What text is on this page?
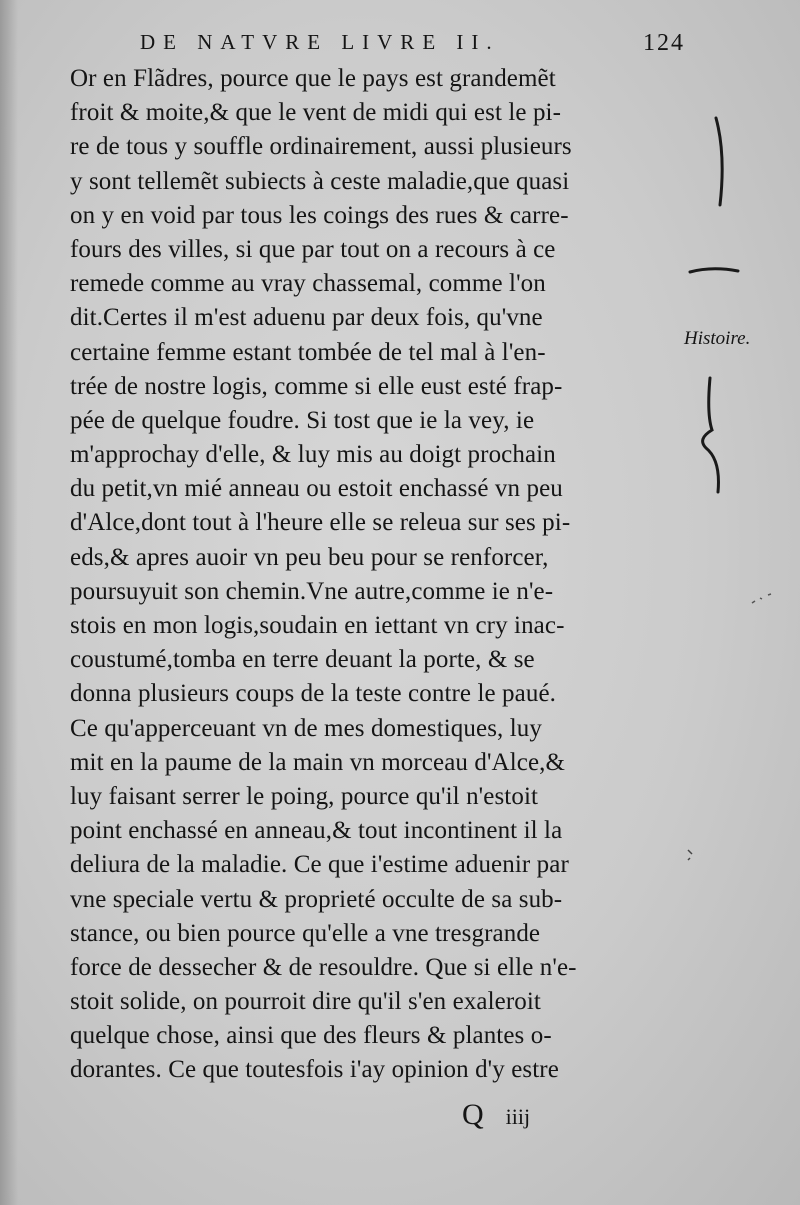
DE NATVRE LIVRE II.	124
Or en Flãdres, pource que le pays est grandemẽt
froit & moite,& que le vent de midi qui est le pi-
re de tous y souffle ordinairement, aussi plusieurs
y sont tellemẽt subiects à ceste maladie,que quasi
on y en void par tous les coings des rues & carre-
fours des villes, si que par tout on a recours à ce
remede comme au vray chassemal, comme l'on
dit.Certes il m'est aduenu par deux fois, qu'vne
certaine femme estant tombée de tel mal à l'en-
trée de nostre logis, comme si elle eust esté frap-
pée de quelque foudre. Si tost que ie la vey, ie
m'approchay d'elle, & luy mis au doigt prochain
du petit,vn mié anneau ou estoit enchassé vn peu
d'Alce,dont tout à l'heure elle se releua sur ses pi-
eds,& apres auoir vn peu beu pour se renforcer,
poursuyuit son chemin.Vne autre,comme ie n'e-
stois en mon logis,soudain en iettant vn cry inac-
coustumé,tomba en terre deuant la porte, & se
donna plusieurs coups de la teste contre le paué.
Ce qu'apperceuant vn de mes domestiques, luy
mit en la paume de la main vn morceau d'Alce,&
luy faisant serrer le poing, pource qu'il n'estoit
point enchassé en anneau,& tout incontinent il la
deliura de la maladie. Ce que i'estime aduenir par
vne speciale vertu & proprieté occulte de sa sub-
stance, ou bien pource qu'elle a vne tresgrande
force de dessecher & de resouldre. Que si elle n'e-
stoit solide, on pourroit dire qu'il s'en exaleroit
quelque chose, ainsi que des fleurs & plantes o-
dorantes. Ce que toutesfois i'ay opinion d'y estre
Histoire.
Q iiij
